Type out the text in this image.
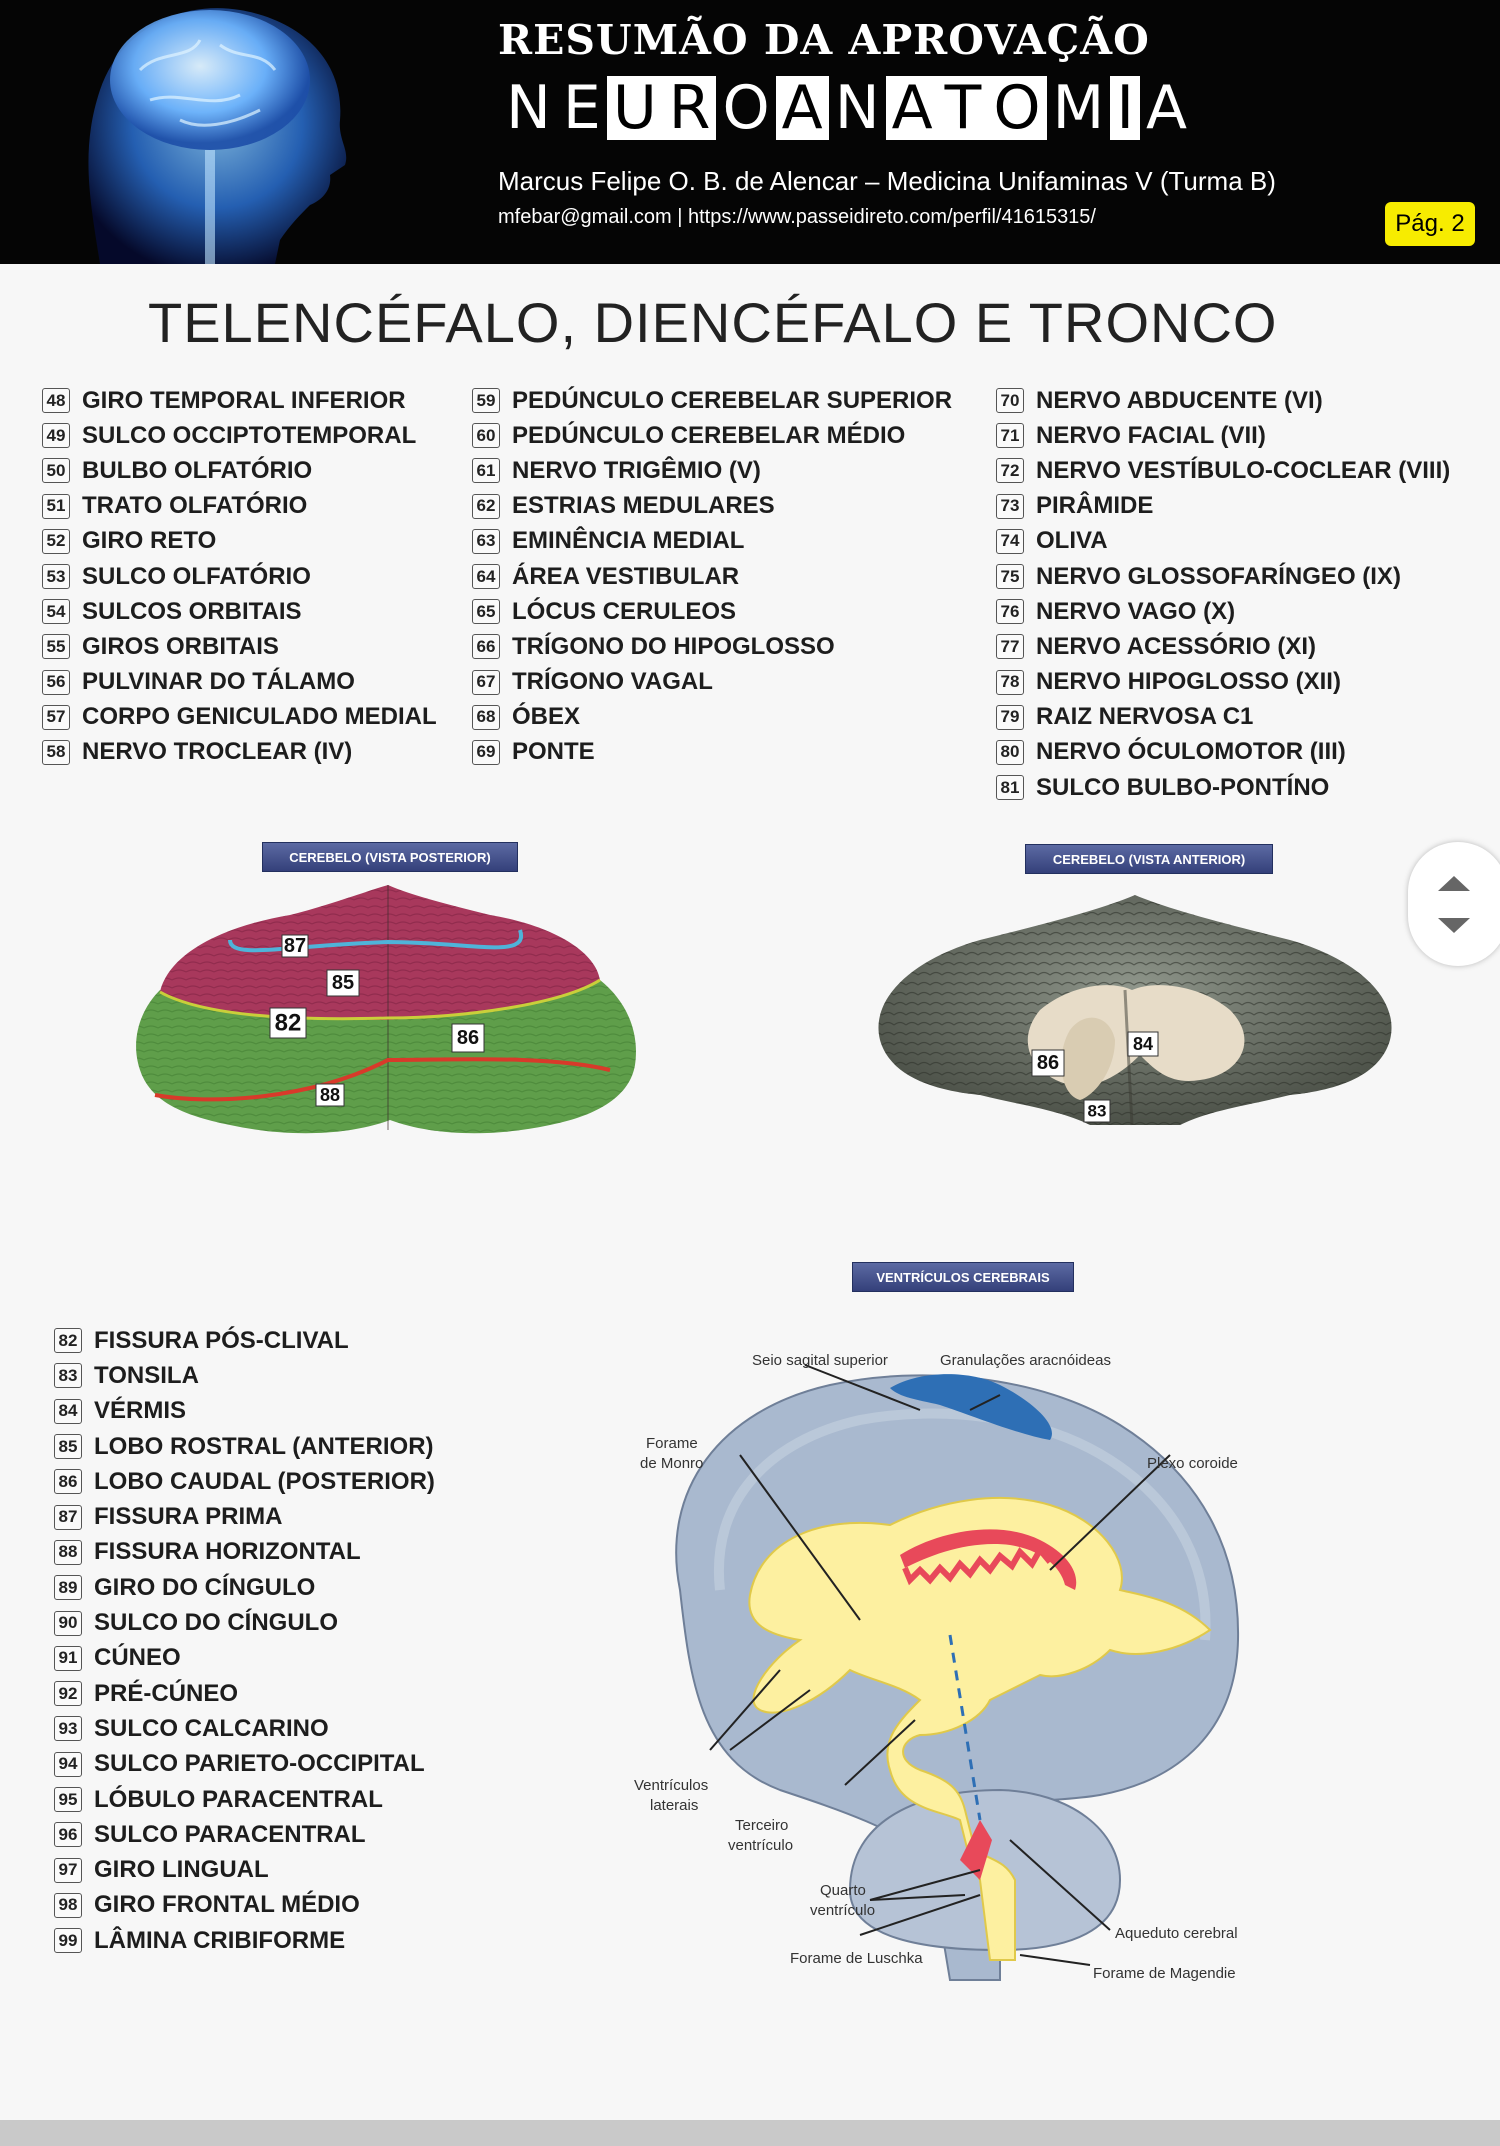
RESUMÃO DA APROVAÇÃO
N E U R O A N A T O M I A
Marcus Felipe O. B. de Alencar – Medicina Unifaminas V (Turma B)
mfebar@gmail.com | https://www.passeidireto.com/perfil/41615315/	Pág. 2
TELENCÉFALO, DIENCÉFALO E TRONCO
48 GIRO TEMPORAL INFERIOR
49 SULCO OCCIPTOTEMPORAL
50 BULBO OLFATÓRIO
51 TRATO OLFATÓRIO
52 GIRO RETO
53 SULCO OLFATÓRIO
54 SULCOS ORBITAIS
55 GIROS ORBITAIS
56 PULVINAR DO TÁLAMO
57 CORPO GENICULADO MEDIAL
58 NERVO TROCLEAR (IV)
59 PEDÚNCULO CEREBELAR SUPERIOR
60 PEDÚNCULO CEREBELAR MÉDIO
61 NERVO TRIGÊMIO (V)
62 ESTRIAS MEDULARES
63 EMINÊNCIA MEDIAL
64 ÁREA VESTIBULAR
65 LÓCUS CERULEOS
66 TRÍGONO DO HIPOGLOSSO
67 TRÍGONO VAGAL
68 ÓBEX
69 PONTE
70 NERVO ABDUCENTE (VI)
71 NERVO FACIAL (VII)
72 NERVO VESTÍBULO-COCLEAR (VIII)
73 PIRÂMIDE
74 OLIVA
75 NERVO GLOSSOFARÍNGEO (IX)
76 NERVO VAGO (X)
77 NERVO ACESSÓRIO (XI)
78 NERVO HIPOGLOSSO (XII)
79 RAIZ NERVOSA C1
80 NERVO ÓCULOMOTOR (III)
81 SULCO BULBO-PONTÍNO
CEREBELO (VISTA POSTERIOR)	CEREBELO (VISTA ANTERIOR)
87
85
82
86
88
86
84
83
VENTRÍCULOS CEREBRAIS
82 FISSURA PÓS-CLIVAL
83 TONSILA
84 VÉRMIS
85 LOBO ROSTRAL (ANTERIOR)
86 LOBO CAUDAL (POSTERIOR)
87 FISSURA PRIMA
88 FISSURA HORIZONTAL
89 GIRO DO CÍNGULO
90 SULCO DO CÍNGULO
91 CÚNEO
92 PRÉ-CÚNEO
93 SULCO CALCARINO
94 SULCO PARIETO-OCCIPITAL
95 LÓBULO PARACENTRAL
96 SULCO PARACENTRAL
97 GIRO LINGUAL
98 GIRO FRONTAL MÉDIO
99 LÂMINA CRIBIFORME
Seio sagital superior	Granulações aracnóideas
Forame
de Monro	Plexo coroide
Ventrículos
laterais
Terceiro
ventrículo
Quarto
ventrículo
Aqueduto cerebral
Forame de Luschka
Forame de Magendie
